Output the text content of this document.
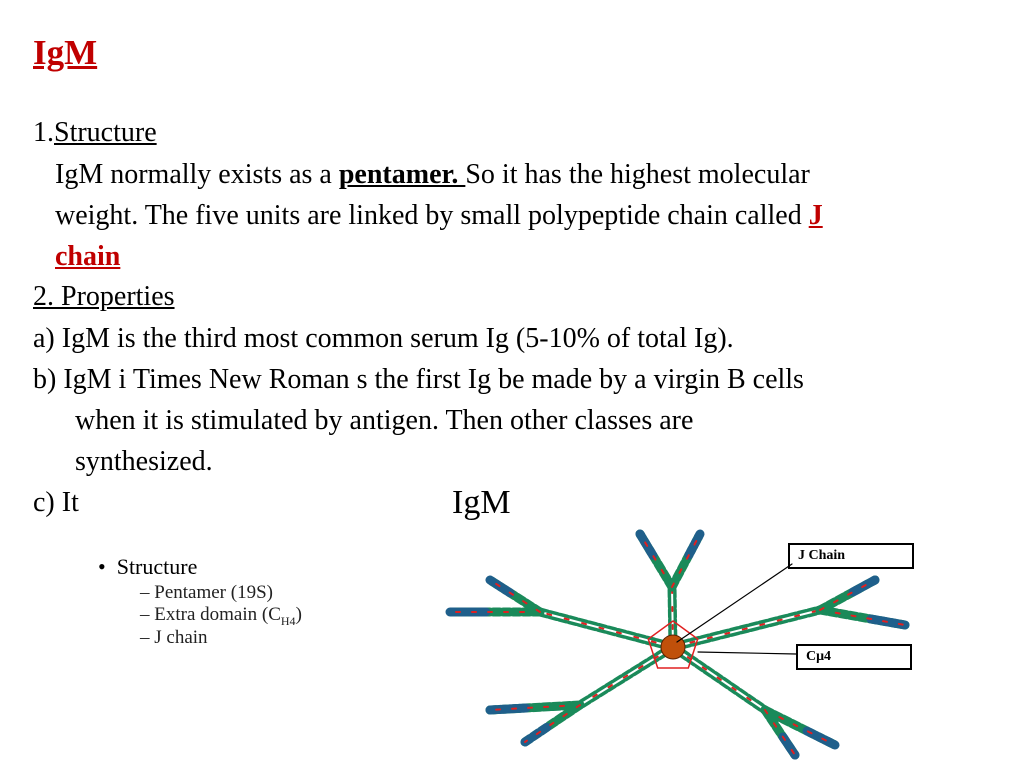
IgM
1.Structure
IgM normally exists as a pentamer. So it has the highest molecular
weight. The five units are linked by small polypeptide chain called J
chain
2. Properties
a) IgM is the third most common serum Ig (5-10% of total Ig).
b) IgM i Times New Roman s the first Ig be made by a virgin B cells
when it is stimulated by antigen. Then other classes are
synthesized.
c) It	IgM
•  Structure
– Pentamer (19S)
– Extra domain $(C_{H4})$
– J chain
J Chain
Cμ4
